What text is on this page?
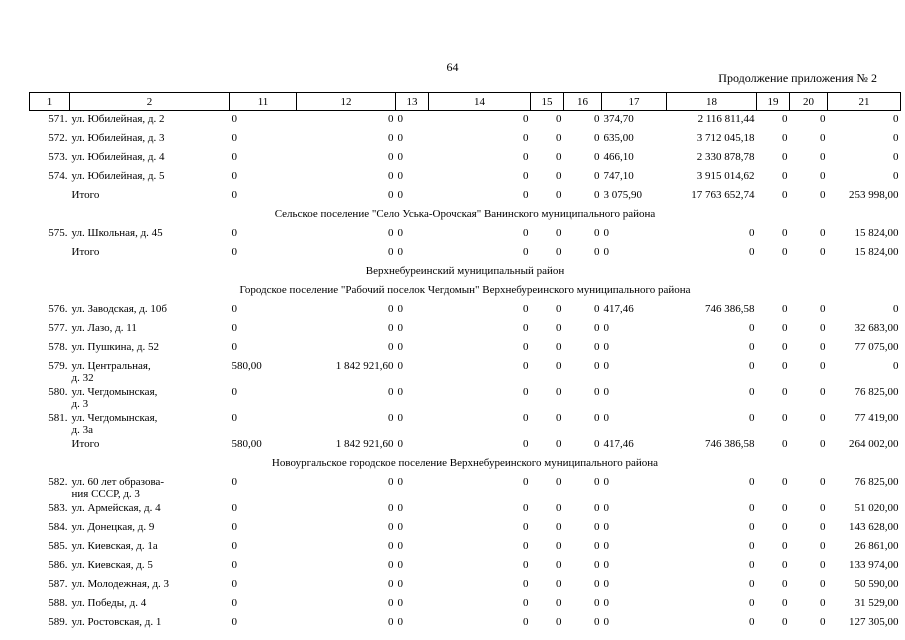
64
Продолжение приложения № 2
1	2	11	12	13	14	15	16	17	18	19	20	21
571.	ул. Юбилейная, д. 2	0	0	0	0	0	0	374,70	2 116 811,44	0	0	0
572.	ул. Юбилейная, д. 3	0	0	0	0	0	0	635,00	3 712 045,18	0	0	0
573.	ул. Юбилейная, д. 4	0	0	0	0	0	0	466,10	2 330 878,78	0	0	0
574.	ул. Юбилейная, д. 5	0	0	0	0	0	0	747,10	3 915 014,62	0	0	0

	Итого	0	0	0	0	0	0	3 075,90	17 763 652,74	0	0	253 998,00
Сельское поселение "Село Уська-Орочская" Ванинского муниципального района												
575.	ул. Школьная, д. 45	0	0	0	0	0	0	0	0	0	0	15 824,00

	Итого	0	0	0	0	0	0	0	0	0	0	15 824,00
Верхнебуреинский муниципальный район												
Городское поселение "Рабочий поселок Чегдомын" Верхнебуреинского муниципального района												
576.	ул. Заводская, д. 10б	0	0	0	0	0	0	417,46	746 386,58	0	0	0
577.	ул. Лазо, д. 11	0	0	0	0	0	0	0	0	0	0	32 683,00
578.	ул. Пушкина, д. 52	0	0	0	0	0	0	0	0	0	0	77 075,00
579.	ул. Центральная,
д. 32	580,00	1 842 921,60	0	0	0	0	0	0	0	0	0
580.	ул. Чегдомынская,
д. 3	0	0	0	0	0	0	0	0	0	0	76 825,00
581.	ул. Чегдомынская,
д. 3а	0	0	0	0	0	0	0	0	0	0	77 419,00

	Итого	580,00	1 842 921,60	0	0	0	0	417,46	746 386,58	0	0	264 002,00
Новоургальское городское поселение Верхнебуреинского муниципального района												
582.	ул. 60 лет образова-
ния СССР, д. 3	0	0	0	0	0	0	0	0	0	0	76 825,00
583.	ул. Армейская, д. 4	0	0	0	0	0	0	0	0	0	0	51 020,00
584.	ул. Донецкая, д. 9	0	0	0	0	0	0	0	0	0	0	143 628,00
585.	ул. Киевская, д. 1а	0	0	0	0	0	0	0	0	0	0	26 861,00
586.	ул. Киевская, д. 5	0	0	0	0	0	0	0	0	0	0	133 974,00
587.	ул. Молодежная, д. 3	0	0	0	0	0	0	0	0	0	0	50 590,00
588.	ул. Победы, д. 4	0	0	0	0	0	0	0	0	0	0	31 529,00
589.	ул. Ростовская, д. 1	0	0	0	0	0	0	0	0	0	0	127 305,00
